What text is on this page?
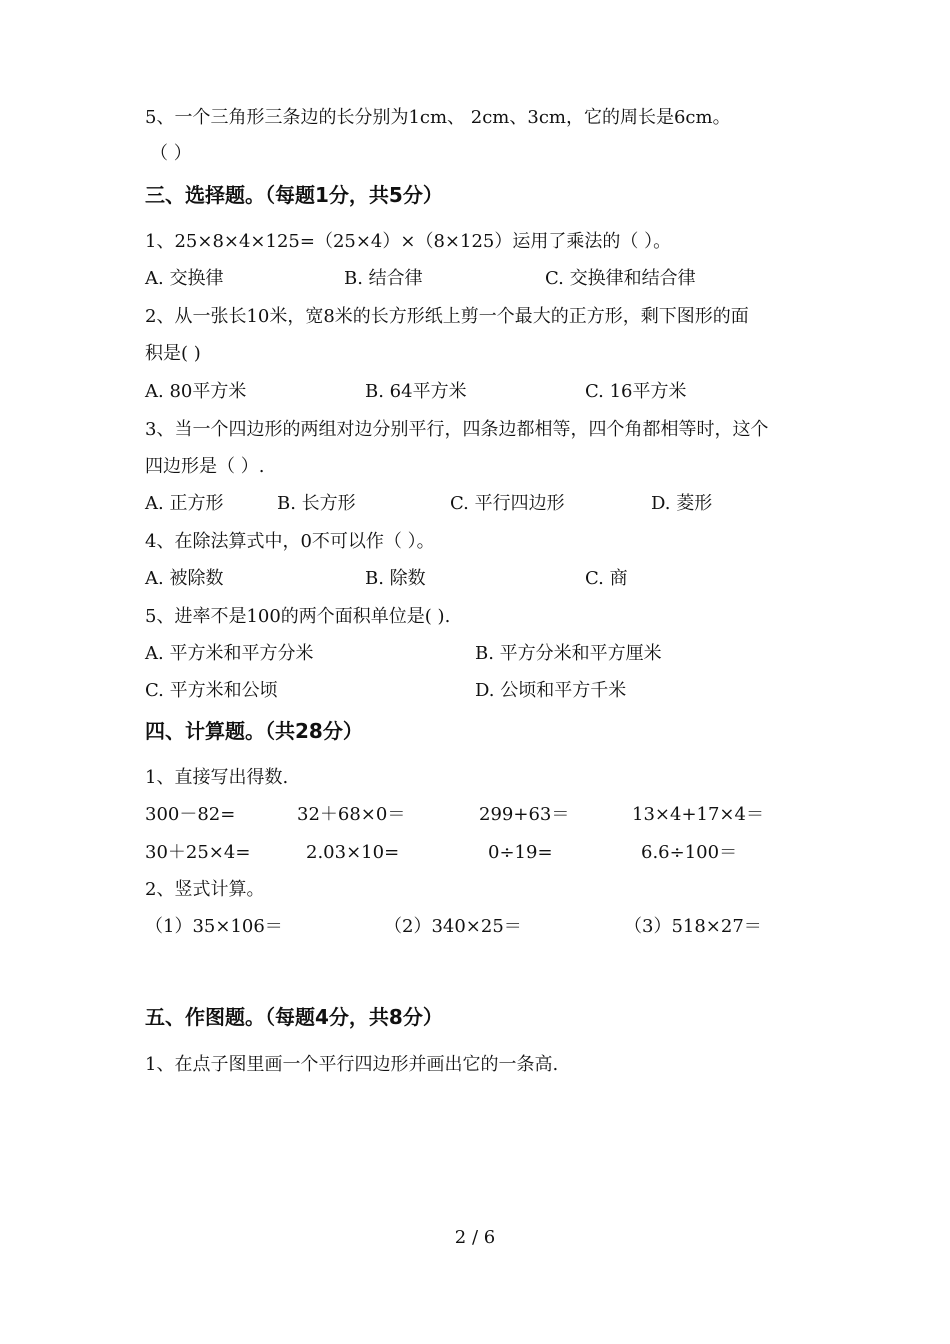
5、一个三角形三条边的长分别为1cm、 2cm、3cm，它的周长是6cm。
（ ）
三、选择题。（每题1分，共5分）
1、25×8×4×125=（25×4）×（8×125）运用了乘法的（ ）。
A. 交换律	B. 结合律	C. 交换律和结合律
2、从一张长10米，宽8米的长方形纸上剪一个最大的正方形，剩下图形的面
积是( )
A. 80平方米	B. 64平方米	C. 16平方米
3、当一个四边形的两组对边分别平行，四条边都相等，四个角都相等时，这个
四边形是（ ）.
A. 正方形	B. 长方形	C. 平行四边形	D. 菱形
4、在除法算式中，0不可以作（ ）。
A. 被除数	B. 除数	C. 商
5、进率不是100的两个面积单位是( ).
A. 平方米和平方分米	B. 平方分米和平方厘米
C. 平方米和公顷	D. 公顷和平方千米
四、计算题。（共28分）
1、直接写出得数.
300－82=	32＋68×0＝	299+63＝	13×4+17×4＝
30＋25×4=	2.03×10=	0÷19=	6.6÷100＝
2、竖式计算。
（1）35×106＝	（2）340×25＝	（3）518×27＝
五、作图题。（每题4分，共8分）
1、在点子图里画一个平行四边形并画出它的一条高.
2 / 6
